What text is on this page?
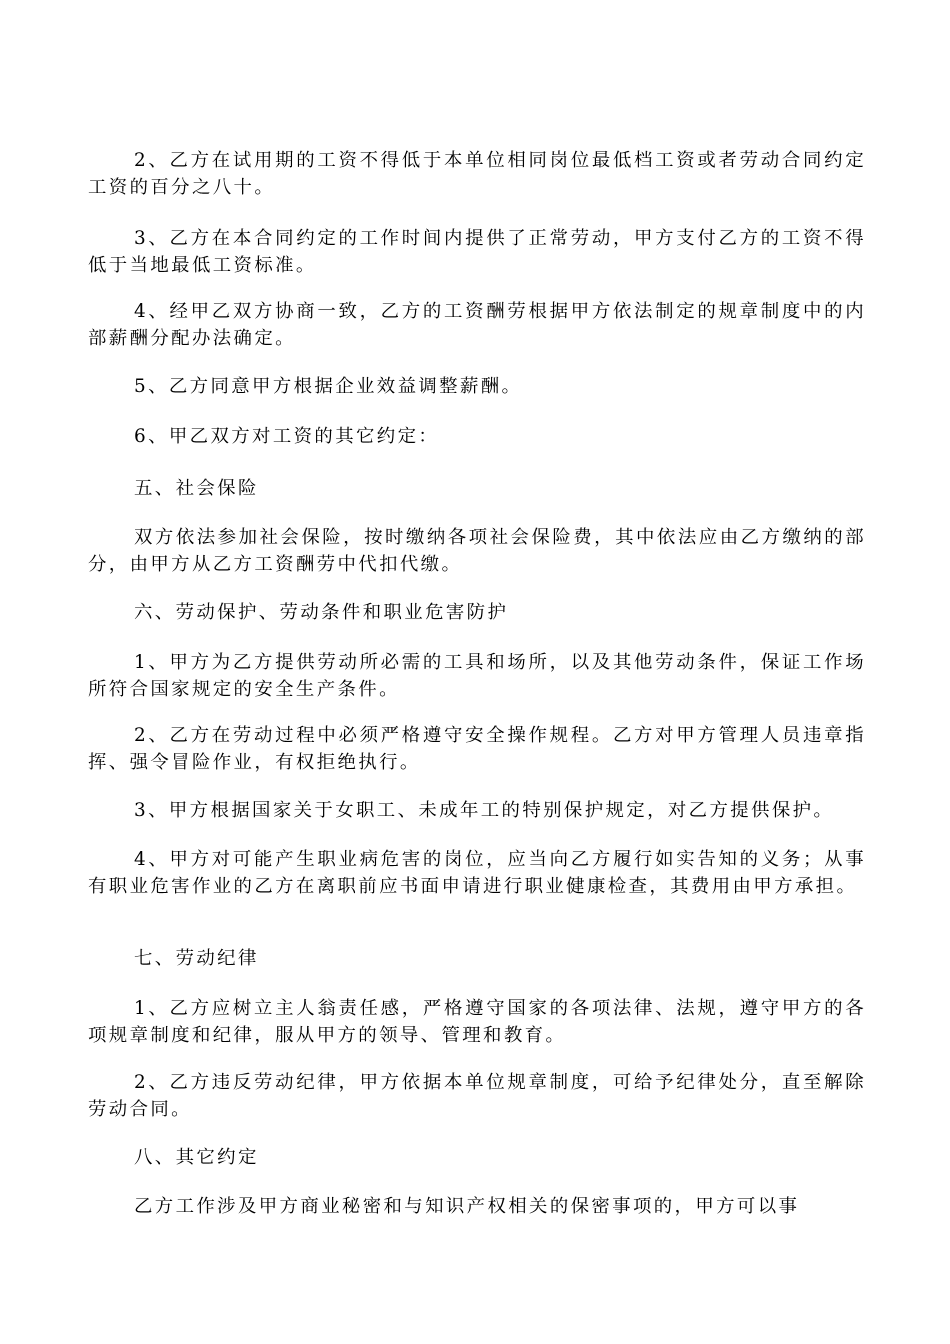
2、乙方在试用期的工资不得低于本单位相同岗位最低档工资或者劳动合同约定工资的百分之八十。

3、乙方在本合同约定的工作时间内提供了正常劳动，甲方支付乙方的工资不得低于当地最低工资标准。

4、经甲乙双方协商一致，乙方的工资酬劳根据甲方依法制定的规章制度中的内部薪酬分配办法确定。

5、乙方同意甲方根据企业效益调整薪酬。

6、甲乙双方对工资的其它约定：

五、社会保险

双方依法参加社会保险，按时缴纳各项社会保险费，其中依法应由乙方缴纳的部分，由甲方从乙方工资酬劳中代扣代缴。

六、劳动保护、劳动条件和职业危害防护

1、甲方为乙方提供劳动所必需的工具和场所，以及其他劳动条件，保证工作场所符合国家规定的安全生产条件。

2、乙方在劳动过程中必须严格遵守安全操作规程。乙方对甲方管理人员违章指挥、强令冒险作业，有权拒绝执行。

3、甲方根据国家关于女职工、未成年工的特别保护规定，对乙方提供保护。

4、甲方对可能产生职业病危害的岗位，应当向乙方履行如实告知的义务；从事有职业危害作业的乙方在离职前应书面申请进行职业健康检查，其费用由甲方承担。

七、劳动纪律

1、乙方应树立主人翁责任感，严格遵守国家的各项法律、法规，遵守甲方的各项规章制度和纪律，服从甲方的领导、管理和教育。

2、乙方违反劳动纪律，甲方依据本单位规章制度，可给予纪律处分，直至解除劳动合同。

八、其它约定

乙方工作涉及甲方商业秘密和与知识产权相关的保密事项的，甲方可以事
